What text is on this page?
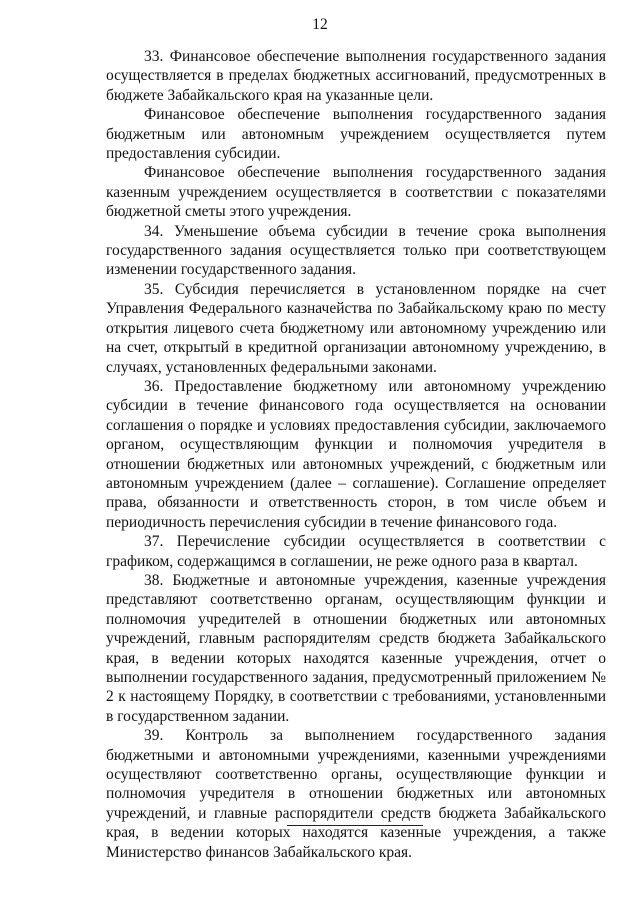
12

33. Финансовое обеспечение выполнения государственного задания осуществляется в пределах бюджетных ассигнований, предусмотренных в бюджете Забайкальского края на указанные цели.

Финансовое обеспечение выполнения государственного задания бюджетным или автономным учреждением осуществляется путем предоставления субсидии.

Финансовое обеспечение выполнения государственного задания казенным учреждением осуществляется в соответствии с показателями бюджетной сметы этого учреждения.

34. Уменьшение объема субсидии в течение срока выполнения государственного задания осуществляется только при соответствующем изменении государственного задания.

35. Субсидия перечисляется в установленном порядке на счет Управления Федерального казначейства по Забайкальскому краю по месту открытия лицевого счета бюджетному или автономному учреждению или на счет, открытый в кредитной организации автономному учреждению, в случаях, установленных федеральными законами.

36. Предоставление бюджетному или автономному учреждению субсидии в течение финансового года осуществляется на основании соглашения о порядке и условиях предоставления субсидии, заключаемого органом, осуществляющим функции и полномочия учредителя в отношении бюджетных или автономных учреждений, с бюджетным или автономным учреждением (далее – соглашение). Соглашение определяет права, обязанности и ответственность сторон, в том числе объем и периодичность перечисления субсидии в течение финансового года.

37. Перечисление субсидии осуществляется в соответствии с графиком, содержащимся в соглашении, не реже одного раза в квартал.

38. Бюджетные и автономные учреждения, казенные учреждения представляют соответственно органам, осуществляющим функции и полномочия учредителей в отношении бюджетных или автономных учреждений, главным распорядителям средств бюджета Забайкальского края, в ведении которых находятся казенные учреждения, отчет о выполнении государственного задания, предусмотренный приложением № 2 к настоящему Порядку, в соответствии с требованиями, установленными в государственном задании.

39. Контроль за выполнением государственного задания бюджетными и автономными учреждениями, казенными учреждениями осуществляют соответственно органы, осуществляющие функции и полномочия учредителя в отношении бюджетных или автономных учреждений, и главные распорядители средств бюджета Забайкальского края, в ведении которых находятся казенные учреждения, а также Министерство финансов Забайкальского края.
